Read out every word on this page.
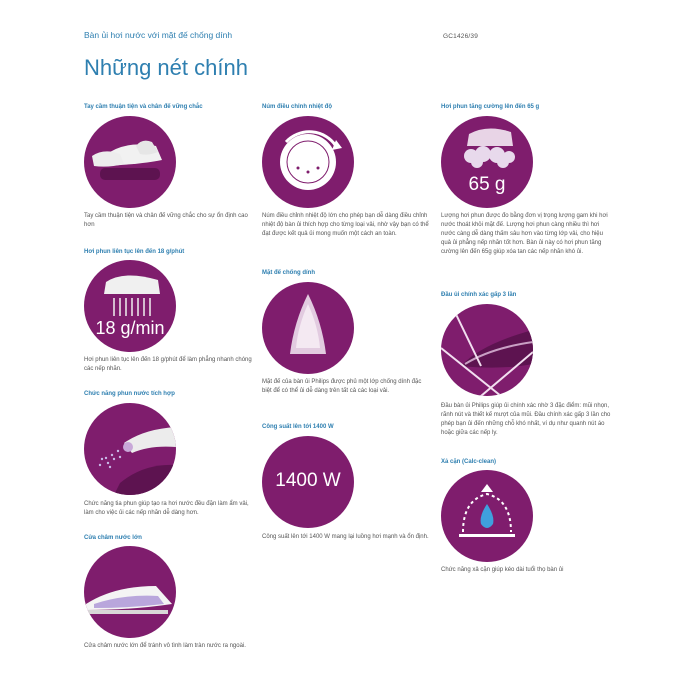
Bàn ủi hơi nước với mặt đế chống dính	GC1426/39
Những nét chính
Tay cầm thuận tiện và chân đế vững chắc
Tay cầm thuận tiện và chân đế vững chắc cho sự ổn định cao hơn
Hơi phun liên tục lên đến 18 g/phút
18 g/min
Hơi phun liên tục lên đến 18 g/phút để làm phẳng nhanh chóng các nếp nhăn.
Chức năng phun nước tích hợp
Chức năng tia phun giúp tạo ra hơi nước đều đặn làm ẩm vải, làm cho việc ủi các nếp nhăn dễ dàng hơn.
Cửa châm nước lớn
Cửa châm nước lớn để tránh vô tình làm tràn nước ra ngoài.
Núm điều chỉnh nhiệt độ
Núm điều chỉnh nhiệt độ lớn cho phép bạn dễ dàng điều chỉnh nhiệt độ bàn ủi thích hợp cho từng loại vải, nhờ vậy bạn có thể đạt được kết quả ủi mong muốn một cách an toàn.
Mặt đế chống dính
Mặt đế của bàn ủi Philips được phủ một lớp chống dính đặc biệt để có thể ủi dễ dàng trên tất cả các loại vải.
Công suất lên tới 1400 W
1400 W
Công suất lên tới 1400 W mang lại luồng hơi mạnh và ổn định.
Hơi phun tăng cường lên đến 65 g
65 g
Lượng hơi phun được đo bằng đơn vị trọng lượng gam khi hơi nước thoát khỏi mặt đế. Lượng hơi phun càng nhiều thì hơi nước càng dễ dàng thấm sâu hơn vào từng lớp vải, cho hiệu quả ủi phẳng nếp nhăn tốt hơn. Bàn ủi này có hơi phun tăng cường lên đến 65g giúp xóa tan các nếp nhăn khó ủi.
Đầu ủi chính xác gấp 3 lần
Đầu bàn ủi Philips giúp ủi chính xác nhờ 3 đặc điểm: mũi nhọn, rãnh nút và thiết kế mượt của mũi. Đầu chính xác gấp 3 lần cho phép bạn ủi đến những chỗ khó nhất, ví dụ như quanh nút áo hoặc giữa các nếp ly.
Xả cặn (Calc-clean)
Chức năng xả cặn giúp kéo dài tuổi thọ bàn ủi
